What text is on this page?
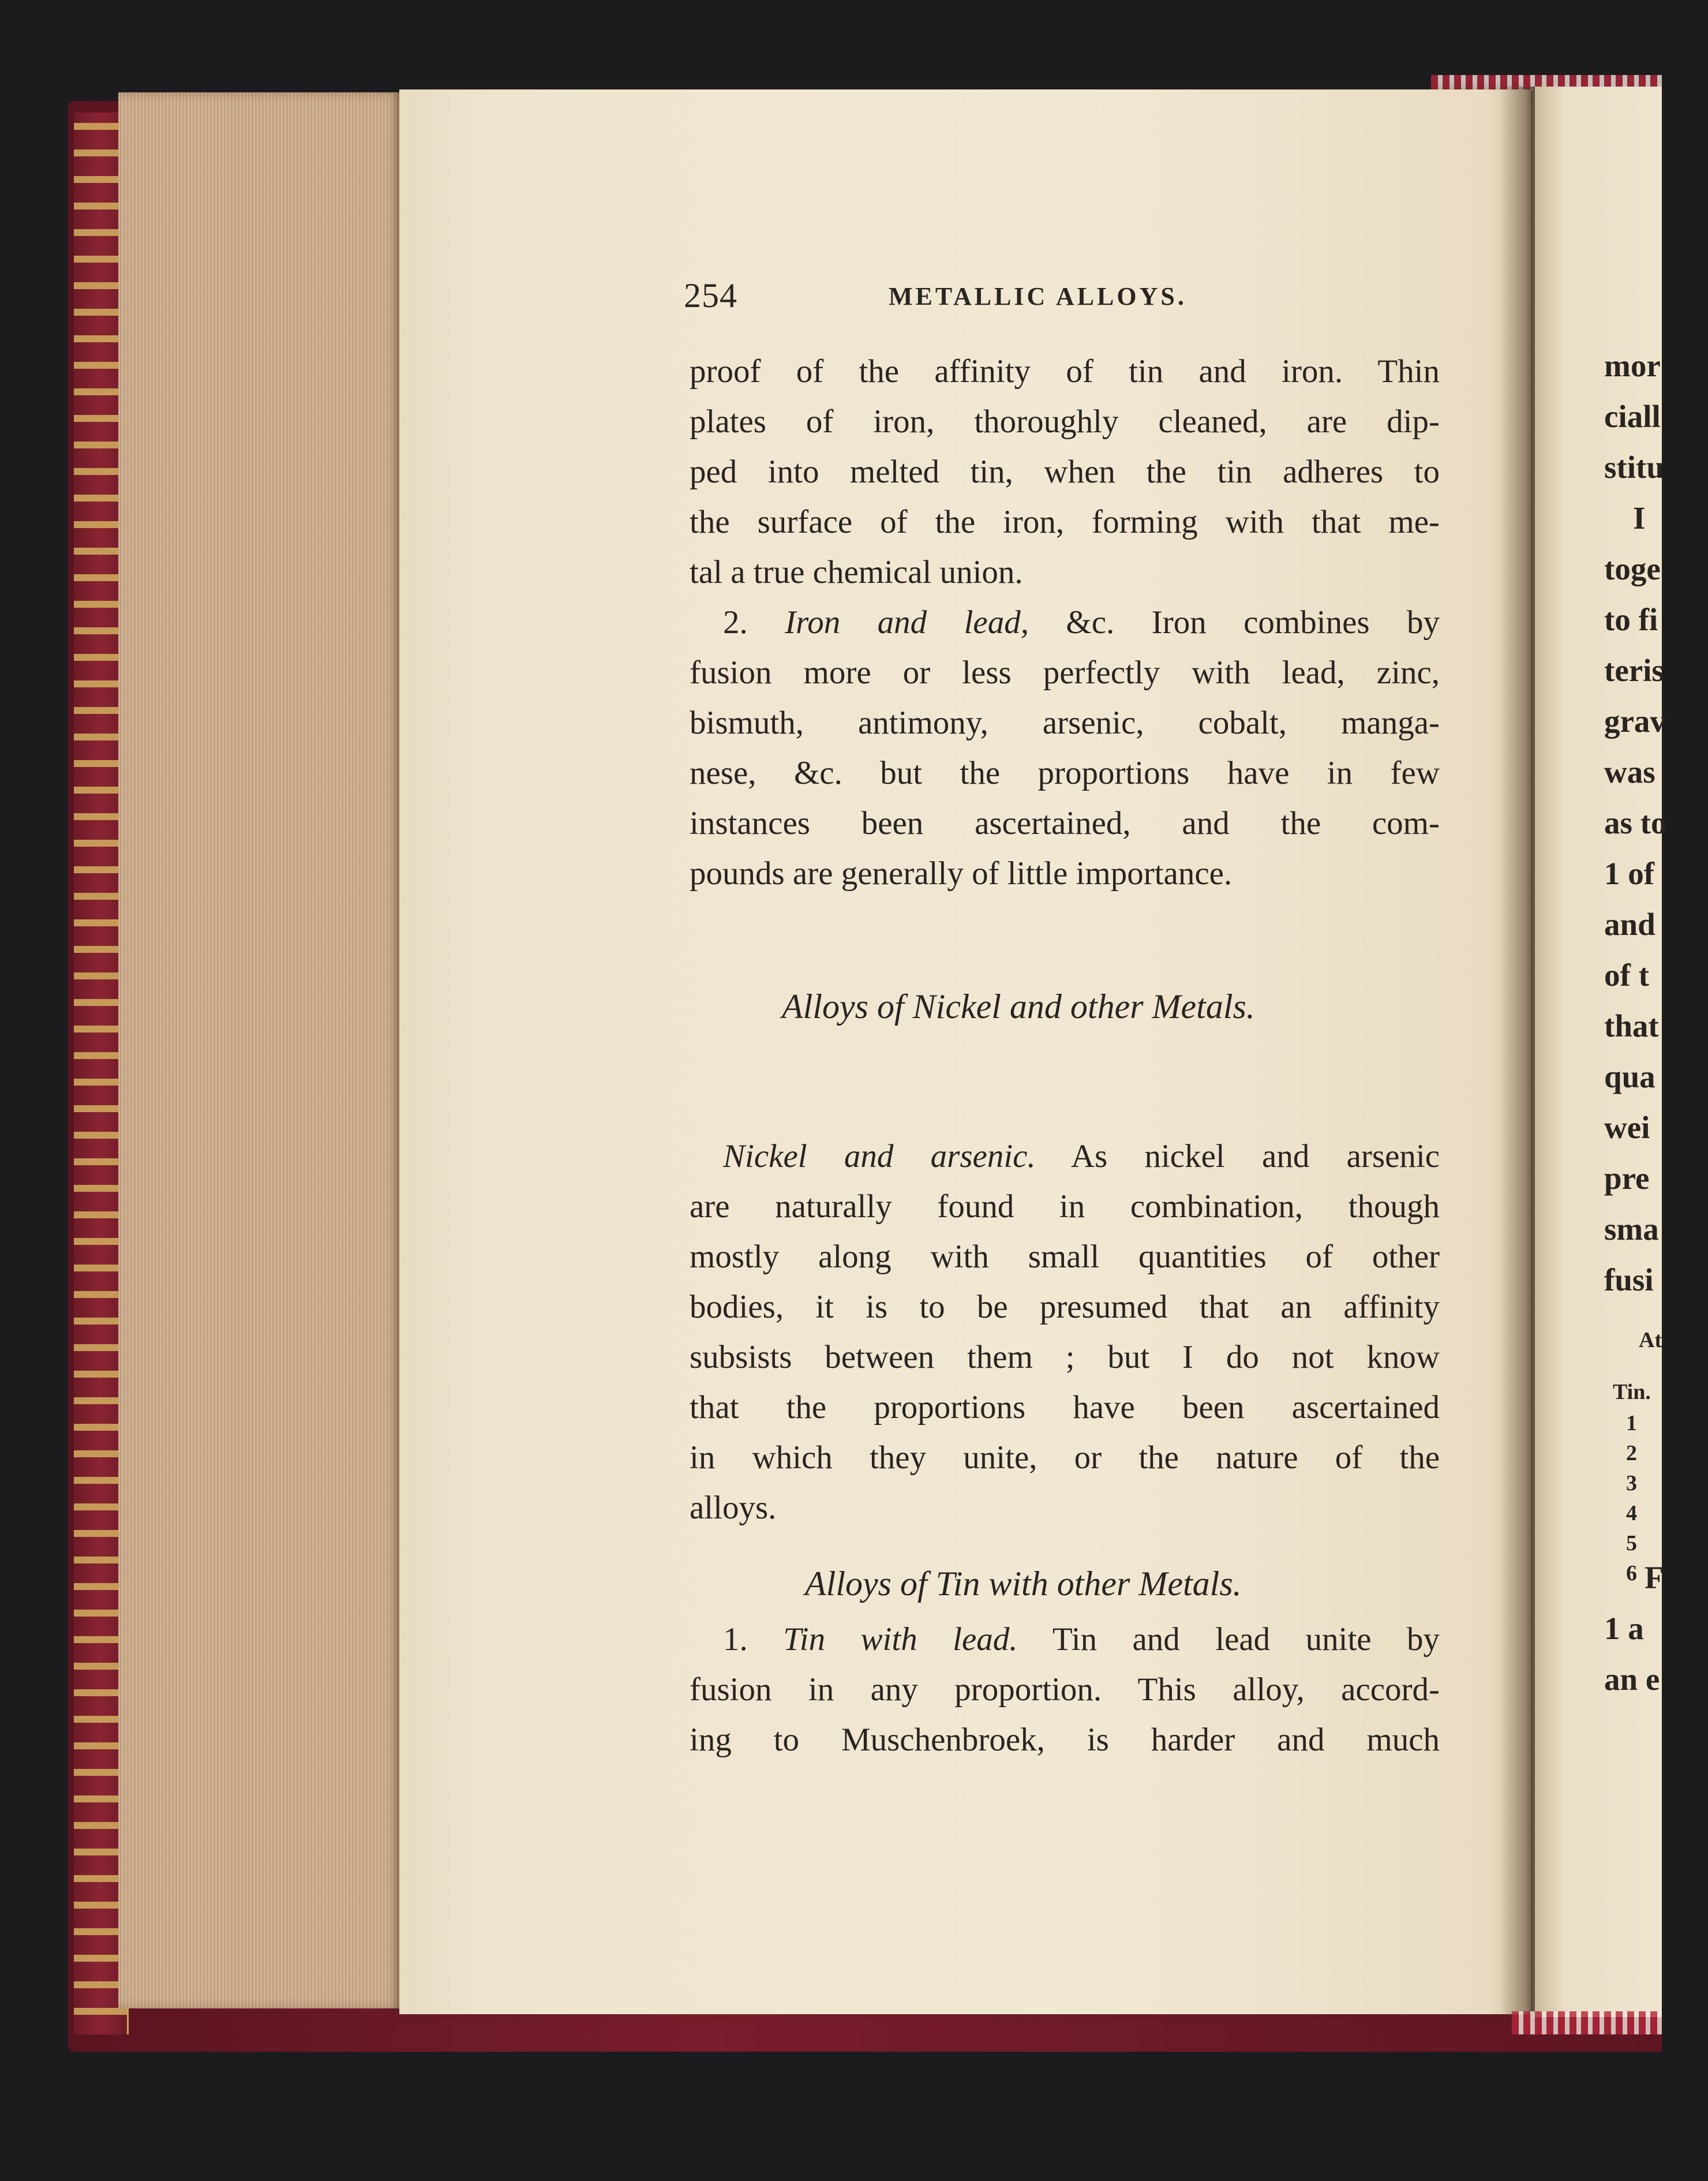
254	METALLIC ALLOYS.
proof of the affinity of tin and iron. Thin
plates of iron, thoroughly cleaned, are dip-
ped into melted tin, when the tin adheres to
the surface of the iron, forming with that me-
tal a true chemical union.
2. Iron and lead, &c. Iron combines by
fusion more or less perfectly with lead, zinc,
bismuth, antimony, arsenic, cobalt, manga-
nese, &c. but the proportions have in few
instances been ascertained, and the com-
pounds are generally of little importance.
Alloys of Nickel and other Metals.
Nickel and arsenic. As nickel and arsenic
are naturally found in combination, though
mostly along with small quantities of other
bodies, it is to be presumed that an affinity
subsists between them ; but I do not know
that the proportions have been ascertained
in which they unite, or the nature of the
alloys.
Alloys of Tin with other Metals.
1. Tin with lead. Tin and lead unite by
fusion in any proportion. This alloy, accord-
ing to Muschenbroek, is harder and much
mor
ciall
stitu
I
toge
to fi
teris
grav
was
as to
1 of
and
of t
that
qua
wei
pre
sma
fusi
At
Tin.
1
2
3
4
5
6 F
1 a
an e
